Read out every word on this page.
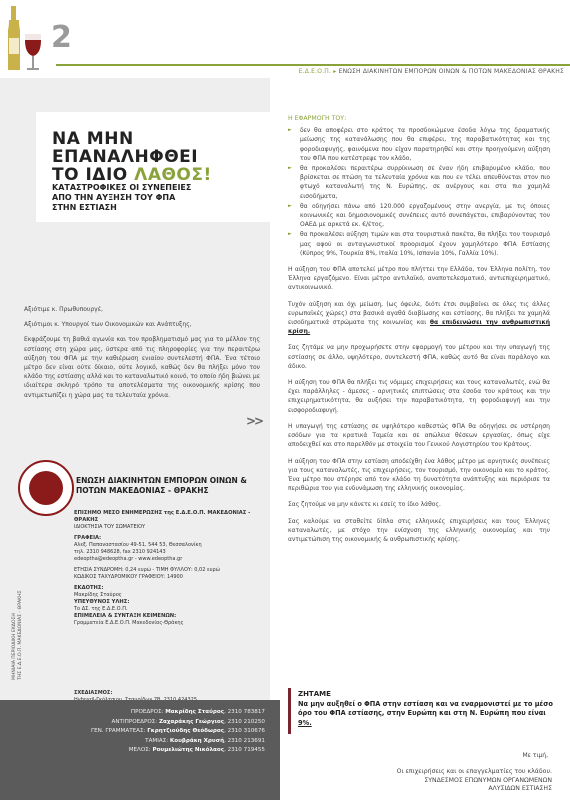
2
Ε.Δ.Ε.Ο.Π. ▸ ΕΝΩΣΗ ΔΙΑΚΙΝΗΤΩΝ ΕΜΠΟΡΩΝ ΟΙΝΩΝ & ΠΟΤΩΝ ΜΑΚΕΔΟΝΙΑΣ ΘΡΑΚΗΣ
ΝΑ ΜΗΝ
ΕΠΑΝΑΛΗΦΘΕΙ
ΤΟ ΙΔΙΟ ΛΑΘΟΣ!
ΚΑΤΑΣΤΡΟΦΙΚΕΣ ΟΙ ΣΥΝΕΠΕΙΕΣ
ΑΠΟ ΤΗΝ ΑΥΞΗΣΗ ΤΟΥ ΦΠΑ
ΣΤΗΝ ΕΣΤΙΑΣΗ

Αξιότιμε κ. Πρωθυπουργέ,

Αξιότιμοι κ. Υπουργοί των Οικονομικών και Ανάπτυξης,

Εκφράζουμε τη βαθιά αγωνία και τον προβληματισμό μας για το μέλλον της εστίασης στη χώρα μας, ύστερα από τις πληροφορίες για την περαιτέρω αύξηση του ΦΠΑ με την καθιέρωση ενιαίου συντελεστή ΦΠΑ. Ένα τέτοιο μέτρο δεν είναι ούτε δίκαιο, ούτε λογικό, καθώς δεν θα πλήξει μόνο τον κλάδο της εστίασης αλλά και το καταναλωτικό κοινό, το οποίο ήδη βιώνει με ιδιαίτερα σκληρό τρόπο τα αποτελέσματα της οικονομικής κρίσης που αντιμετωπίζει η χώρα μας τα τελευταία χρόνια.

>>
ΕΝΩΣΗ ΔΙΑΚΙΝΗΤΩΝ ΕΜΠΟΡΩΝ ΟΙΝΩΝ & ΠΟΤΩΝ ΜΑΚΕΔΟΝΙΑΣ - ΘΡΑΚΗΣ
ΜΗΝΙΑΙΑ ΠΕΡΙΟΔΙΚΗ ΕΚΔΟΣΗ ΤΗΣ Ε.Δ.Ε.Ο.Π. ΜΑΚΕΔΟΝΙΑΣ - ΘΡΑΚΗΣ
ΕΠΙΣΗΜΟ ΜΕΣΟ ΕΝΗΜΕΡΩΣΗΣ της Ε.Δ.Ε.Ο.Π. ΜΑΚΕΔΟΝΙΑΣ - ΘΡΑΚΗΣ
ΙΔΙΟΚΤΗΣΙΑ ΤΟΥ ΣΩΜΑΤΕΙΟΥ
ΓΡΑΦΕΙΑ:
Αλεξ. Παπαναστασίου 49-51, 544 53, Θεσσαλονίκη
τηλ. 2310 948628, fax 2310 924143
edeoptha@edeoptha.gr - www.edeoptha.gr
ΕΤΗΣΙΑ ΣΥΝΔΡΟΜΗ: 0,24 ευρώ - ΤΙΜΗ ΦΥΛΛΟΥ: 0,02 ευρώ
ΚΩΔΙΚΟΣ ΤΑΧΥΔΡΟΜΙΚΟΥ ΓΡΑΦΕΙΟΥ: 14900
ΕΚΔΟΤΗΣ:
Μακρίδης Σταύρος
ΥΠΕΥΘΥΝΟΣ ΥΛΗΣ:
Το ΔΣ. της Ε.Δ.Ε.Ο.Π.
ΕΠΙΜΕΛΕΙΑ & ΣΥΝΤΑΞΗ ΚΕΙΜΕΝΩΝ:
Γραμματεία Ε.Δ.Ε.Ο.Π. Μακεδονίας-Θράκης
ΣΧΕΔΙΑΣΜΟΣ:
ΠΡΟΕΔΡΟΣ: Μακρίδης Σταύρος, 2310 783817
ΑΝΤΙΠΡΟΕΔΡΟΣ: Ζαχαράκης Γεώργιος, 2310 210250
ΓΕΝ. ΓΡΑΜΜΑΤΕΑΣ: Γκρητζιούδης Θεόδωρος, 2310 310676
ΤΑΜΙΑΣ: Κουβράκη Χρυσή, 2310 213691
ΜΕΛΟΣ: Ρουμελιώτης Νικόλαος, 2310 719455
Η ΕΦΑΡΜΟΓΗ ΤΟΥ:
► δεν θα αποφέρει στο κράτος τα προσδοκώμενα έσοδα λόγω της δραματικής μείωσης της κατανάλωσης που θα επιφέρει, της παραβατικότητας και της φοροδιαφυγής, φαινόμενα που είχαν παρατηρηθεί και στην προηγούμενη αύξηση του ΦΠΑ που κατέστρεψε τον κλάδο,
► θα προκαλέσει περαιτέρω συρρίκνωση σε έναν ήδη επιβαρυμένο κλάδο, που βρίσκεται σε πτώση τα τελευταία χρόνια και που εν τέλει απευθύνεται στον πιο φτωχό καταναλωτή της Ν. Ευρώπης, σε ανέργους και στα πιο χαμηλά εισοδήματα,
► θα οδηγήσει πάνω από 120.000 εργαζομένους στην ανεργία, με τις όποιες κοινωνικές και δημοσιονομικές συνέπειες αυτό συνεπάγεται, επιβαρύνοντας τον ΟΑΕΔ με αρκετά εκ. €/έτος,
► θα προκαλέσει αύξηση τιμών και στα τουριστικά πακέτα, θα πλήξει τον τουρισμό μας αφού οι ανταγωνιστικοί προορισμοί έχουν χαμηλότερο ΦΠΑ Εστίασης (Κύπρος 9%, Τουρκία 8%, Ιταλία 10%, Ισπανία 10%, Γαλλία 10%).

Η αύξηση του ΦΠΑ αποτελεί μέτρο που πλήττει την Ελλάδα, τον Έλληνα πολίτη, τον Έλληνα εργαζόμενο. Είναι μέτρο αντιλαϊκό, αναποτελεσματικό, αντιεπιχειρηματικό, αντικοινωνικό.

Τυχόν αύξηση και όχι μείωση, (ως όφειλε, διότι έτσι συμβαίνει σε όλες τις άλλες ευρωπαϊκές χώρες) στα βασικά αγαθά διαβίωσης και εστίασης, θα πλήξει τα χαμηλά εισοδηματικά στρώματα της κοινωνίας και θα επιδεινώσει την ανθρωπιστική κρίση.

Σας ζητάμε να μην προχωρήσετε στην εφαρμογή του μέτρου και την υπαγωγή της εστίασης σε άλλο, υψηλότερο, συντελεστή ΦΠΑ, καθώς αυτό θα είναι παράλογο και άδικο.

Η αύξηση του ΦΠΑ θα πλήξει τις νόμιμες επιχειρήσεις και τους καταναλωτές, ενώ θα έχει παράλληλες - άμεσες - αρνητικές επιπτώσεις στα έσοδα του κράτους και την επιχειρηματικότητα, θα αυξήσει την παραβατικότητα, τη φοροδιαφυγή και την εισφοροδιαφυγή.

Η υπαγωγή της εστίασης σε υψηλότερο καθεστώς ΦΠΑ θα οδηγήσει σε υστέρηση εσόδων για τα κρατικά Ταμεία και σε απώλεια θέσεων εργασίας, όπως είχε αποδειχθεί και στο παρελθόν με στοιχεία του Γενικού Λογιστηρίου του Κράτους.

Η αύξηση του ΦΠΑ στην εστίαση αποδείχθη ένα λάθος μέτρο με αρνητικές συνέπειες για τους καταναλωτές, τις επιχειρήσεις, τον τουρισμό, την οικονομία και το κράτος. Ένα μέτρο που στέρησε από τον κλάδο τη δυνατότητα ανάπτυξης και περιόρισε τα περιθώρια του για ενδυνάμωση της ελληνικής οικονομίας.

Σας ζητούμε να μην κάνετε κι εσείς το ίδιο λάθος.

Σας καλούμε να σταθείτε δίπλα στις ελληνικές επιχειρήσεις και τους Έλληνες καταναλωτές, με στόχο την ενίσχυση της ελληνικής οικονομίας και την αντιμετώπιση της οικονομικής & ανθρωπιστικής κρίσης.

ΖΗΤΑΜΕ
Να μην αυξηθεί ο ΦΠΑ στην εστίαση και να εναρμονιστεί με το μέσο όρο του ΦΠΑ εστίασης, στην Ευρώπη και στη Ν. Ευρώπη που είναι 9%.
Με τιμή,
Οι επιχειρήσεις και οι επαγγελματίες του κλάδου.
ΣΥΝΔΕΣΜΟΣ ΕΠΩΝΥΜΩΝ ΟΡΓΑΝΩΜΕΝΩΝ
ΑΛΥΣΙΔΩΝ ΕΣΤΙΑΣΗΣ
